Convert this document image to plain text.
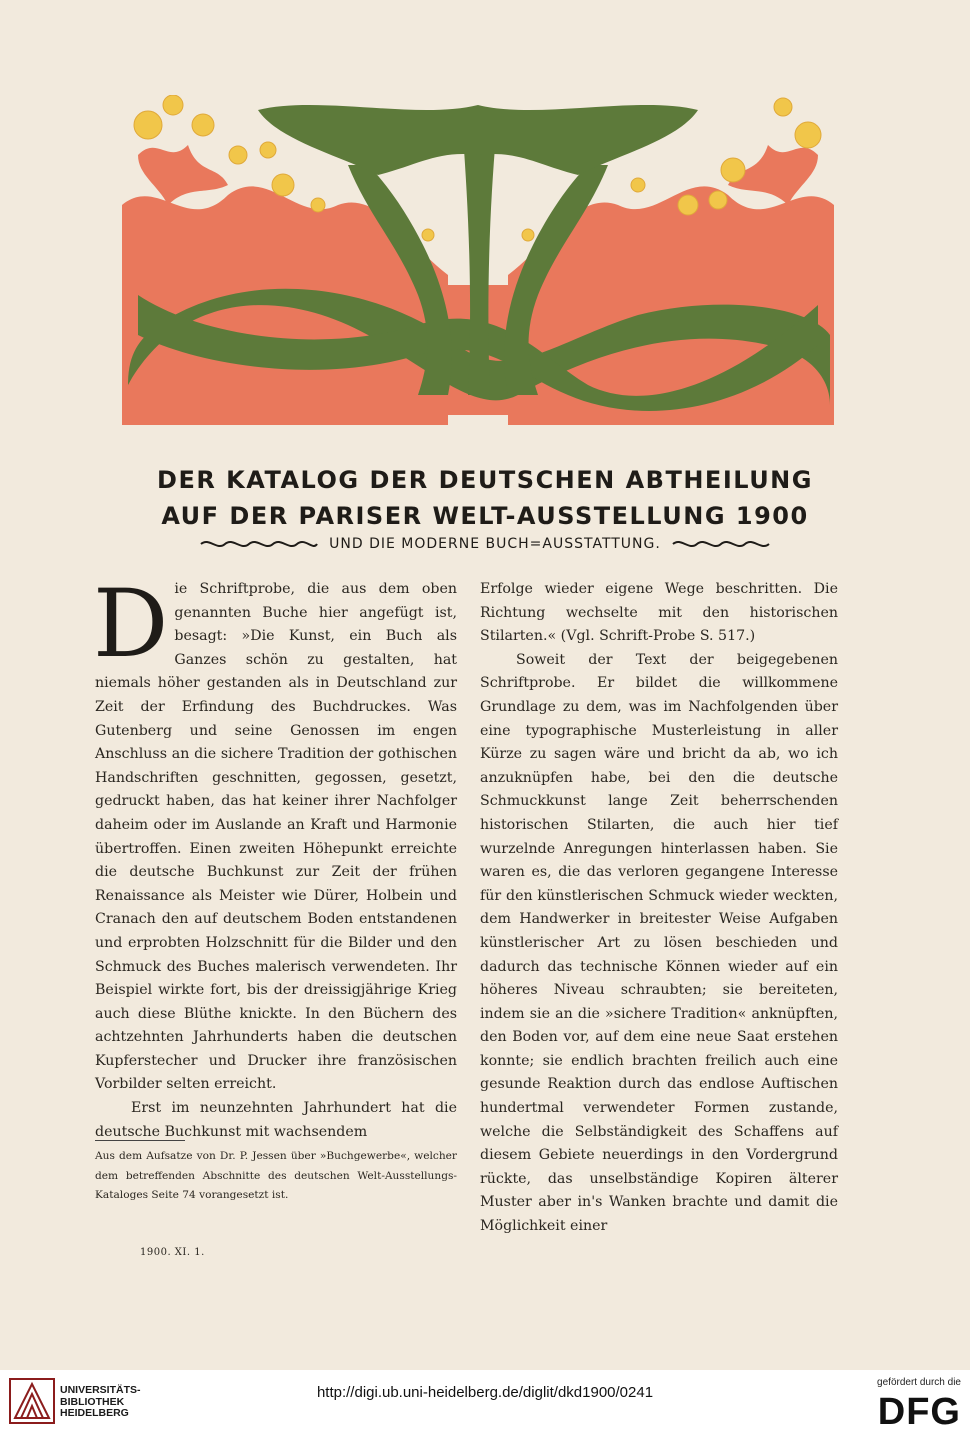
DER KATALOG DER DEUTSCHEN ABTHEILUNG
AUF DER PARISER WELT-AUSSTELLUNG 1900
UND DIE MODERNE BUCH=AUSSTATTUNG.

Die Schriftprobe, die aus dem oben genannten Buche hier angefügt ist, besagt: »Die Kunst, ein Buch als Ganzes schön zu gestalten, hat niemals höher gestanden als in Deutschland zur Zeit der Erfindung des Buchdruckes. Was Gutenberg und seine Genossen im engen Anschluss an die sichere Tradition der gothischen Handschriften geschnitten, gegossen, gesetzt, gedruckt haben, das hat keiner ihrer Nachfolger daheim oder im Auslande an Kraft und Harmonie übertroffen. Einen zweiten Höhepunkt erreichte die deutsche Buchkunst zur Zeit der frühen Renaissance als Meister wie Dürer, Holbein und Cranach den auf deutschem Boden entstandenen und erprobten Holzschnitt für die Bilder und den Schmuck des Buches malerisch verwendeten. Ihr Beispiel wirkte fort, bis der dreissigjährige Krieg auch diese Blüthe knickte. In den Büchern des achtzehnten Jahrhunderts haben die deutschen Kupferstecher und Drucker ihre französischen Vorbilder selten erreicht.

Erst im neunzehnten Jahrhundert hat die deutsche Buchkunst mit wachsendem

Aus dem Aufsatze von Dr. P. Jessen über »Buchgewerbe«, welcher dem betreffenden Abschnitte des deutschen Welt-Ausstellungs-Kataloges Seite 74 vorangesetzt ist.
1900. XI. 1.

Erfolge wieder eigene Wege beschritten. Die Richtung wechselte mit den historischen Stilarten.« (Vgl. Schrift-Probe S. 517.)

Soweit der Text der beigegebenen Schriftprobe. Er bildet die willkommene Grundlage zu dem, was im Nachfolgenden über eine typographische Musterleistung in aller Kürze zu sagen wäre und bricht da ab, wo ich anzuknüpfen habe, bei den die deutsche Schmuckkunst lange Zeit beherrschenden historischen Stilarten, die auch hier tief wurzelnde Anregungen hinterlassen haben. Sie waren es, die das verloren gegangene Interesse für den künstlerischen Schmuck wieder weckten, dem Handwerker in breitester Weise Aufgaben künstlerischer Art zu lösen beschieden und dadurch das technische Können wieder auf ein höheres Niveau schraubten; sie bereiteten, indem sie an die »sichere Tradition« anknüpften, den Boden vor, auf dem eine neue Saat erstehen konnte; sie endlich brachten freilich auch eine gesunde Reaktion durch das endlose Auftischen hundertmal verwendeter Formen zustande, welche die Selbständigkeit des Schaffens auf diesem Gebiete neuerdings in den Vordergrund rückte, das unselbständige Kopiren älterer Muster aber in's Wanken brachte und damit die Möglichkeit einer

UNIVERSITÄTS-
BIBLIOTHEK
HEIDELBERG
http://digi.ub.uni-heidelberg.de/diglit/dkd1900/0241
gefördert durch die
DFG
